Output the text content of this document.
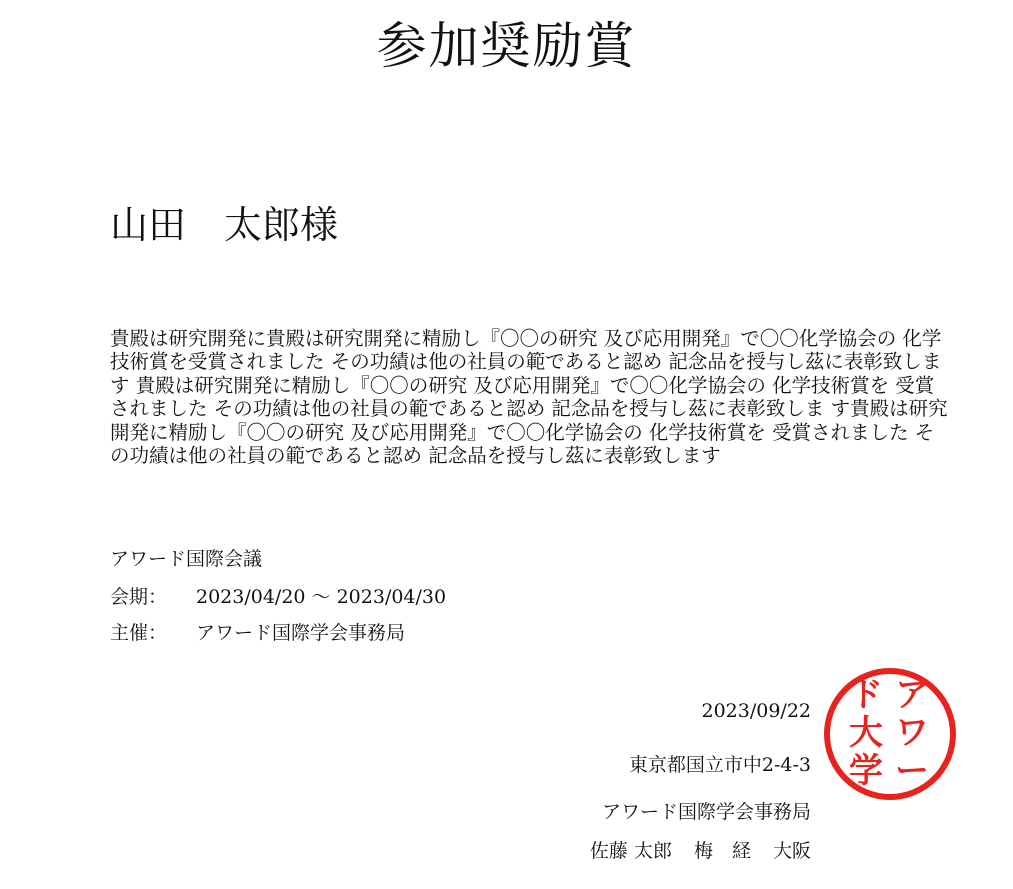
参加奨励賞
山田　太郎様
貴殿は研究開発に貴殿は研究開発に精励し『〇〇の研究 及び応用開発』で〇〇化学協会の 化学技術賞を受賞されました その功績は他の社員の範であると認め 記念品を授与し茲に表彰致します 貴殿は研究開発に精励し『〇〇の研究 及び応用開発』で〇〇化学協会の 化学技術賞を 受賞されました その功績は他の社員の範であると認め 記念品を授与し茲に表彰致しま す貴殿は研究開発に精励し『〇〇の研究 及び応用開発』で〇〇化学協会の 化学技術賞を 受賞されました その功績は他の社員の範であると認め 記念品を授与し茲に表彰致します
アワード国際会議
会期： 2023/04/20 ～ 2023/04/30
主催： アワード国際学会事務局
2023/09/22
東京都国立市中2-4-3
アワード国際学会事務局
佐藤 太郎 梅　経 大阪
ア
ワ
ー
ド
大
学
